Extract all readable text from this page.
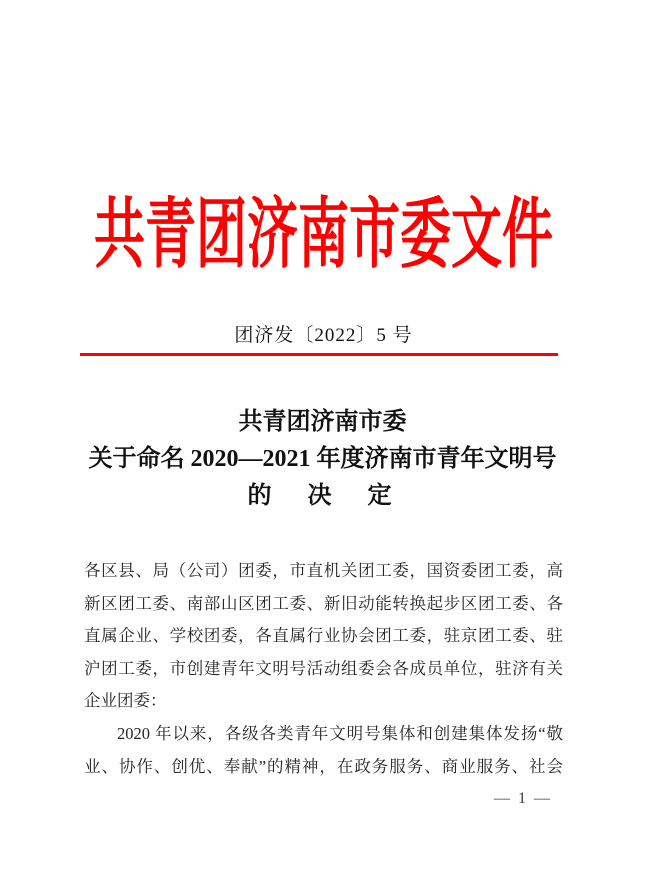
共青团济南市委文件
团济发〔2022〕5 号
共青团济南市委
关于命名 2020—2021 年度济南市青年文明号
的　决　定
各区县、局（公司）团委，市直机关团工委，国资委团工委，高
新区团工委、南部山区团工委、新旧动能转换起步区团工委、各
直属企业、学校团委，各直属行业协会团工委，驻京团工委、驻
沪团工委，市创建青年文明号活动组委会各成员单位，驻济有关
企业团委：
2020 年以来，各级各类青年文明号集体和创建集体发扬“敬
业、协作、创优、奉献”的精神，在政务服务、商业服务、社会
— 1 —
